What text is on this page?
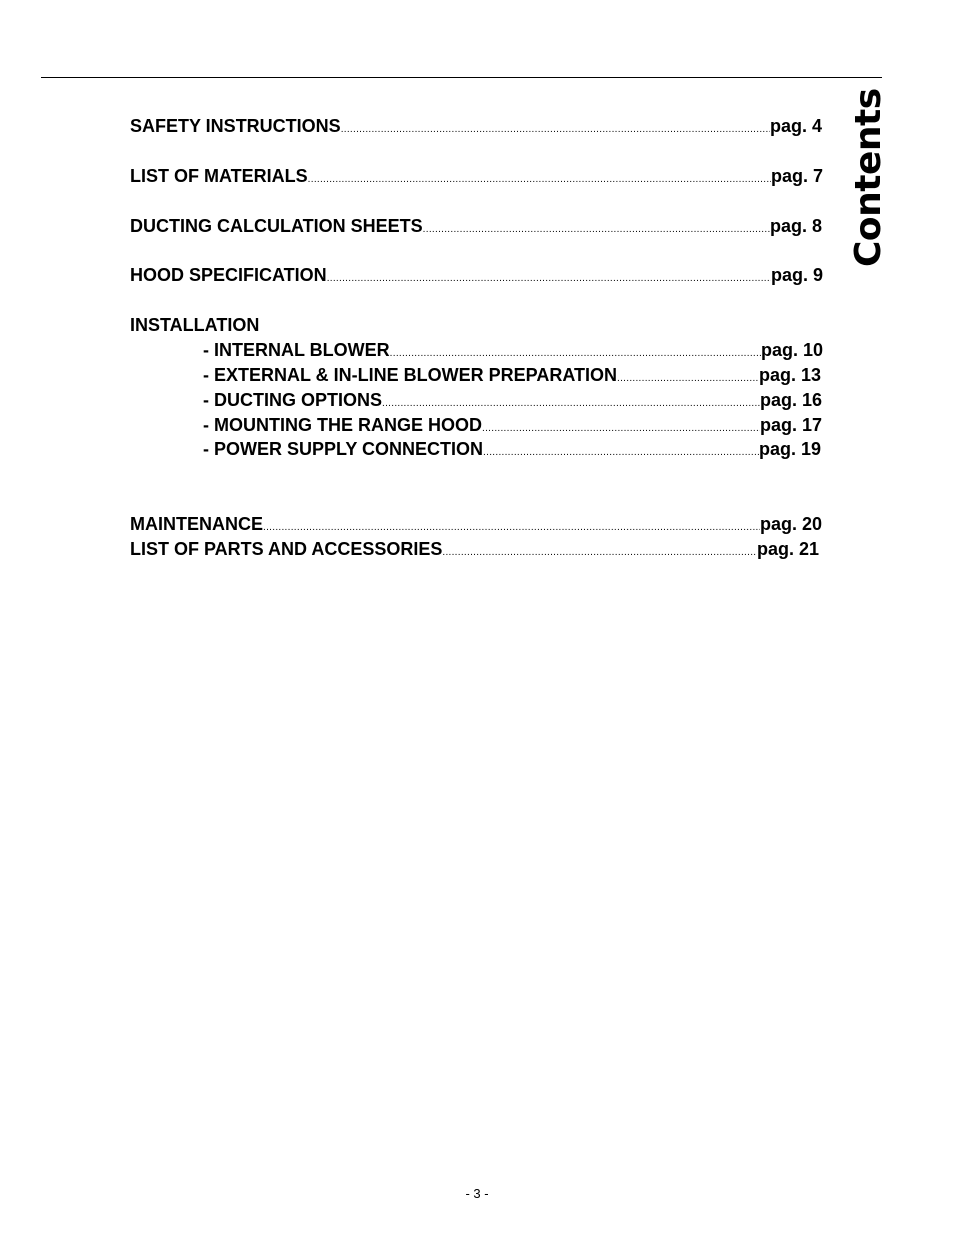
Contents
SAFETY INSTRUCTIONS .....	pag. 4
LIST OF MATERIALS .....	pag. 7
DUCTING CALCULATION SHEETS .....	pag. 8
HOOD SPECIFICATION .....	pag. 9
INSTALLATION
- INTERNAL BLOWER .....	pag. 10
- EXTERNAL & IN-LINE BLOWER PREPARATION .....	pag. 13
- DUCTING OPTIONS .....	pag. 16
- MOUNTING THE RANGE HOOD .....	pag. 17
- POWER SUPPLY CONNECTION .....	pag. 19
MAINTENANCE .....	pag. 20
LIST OF PARTS AND ACCESSORIES .....	pag. 21
- 3 -
